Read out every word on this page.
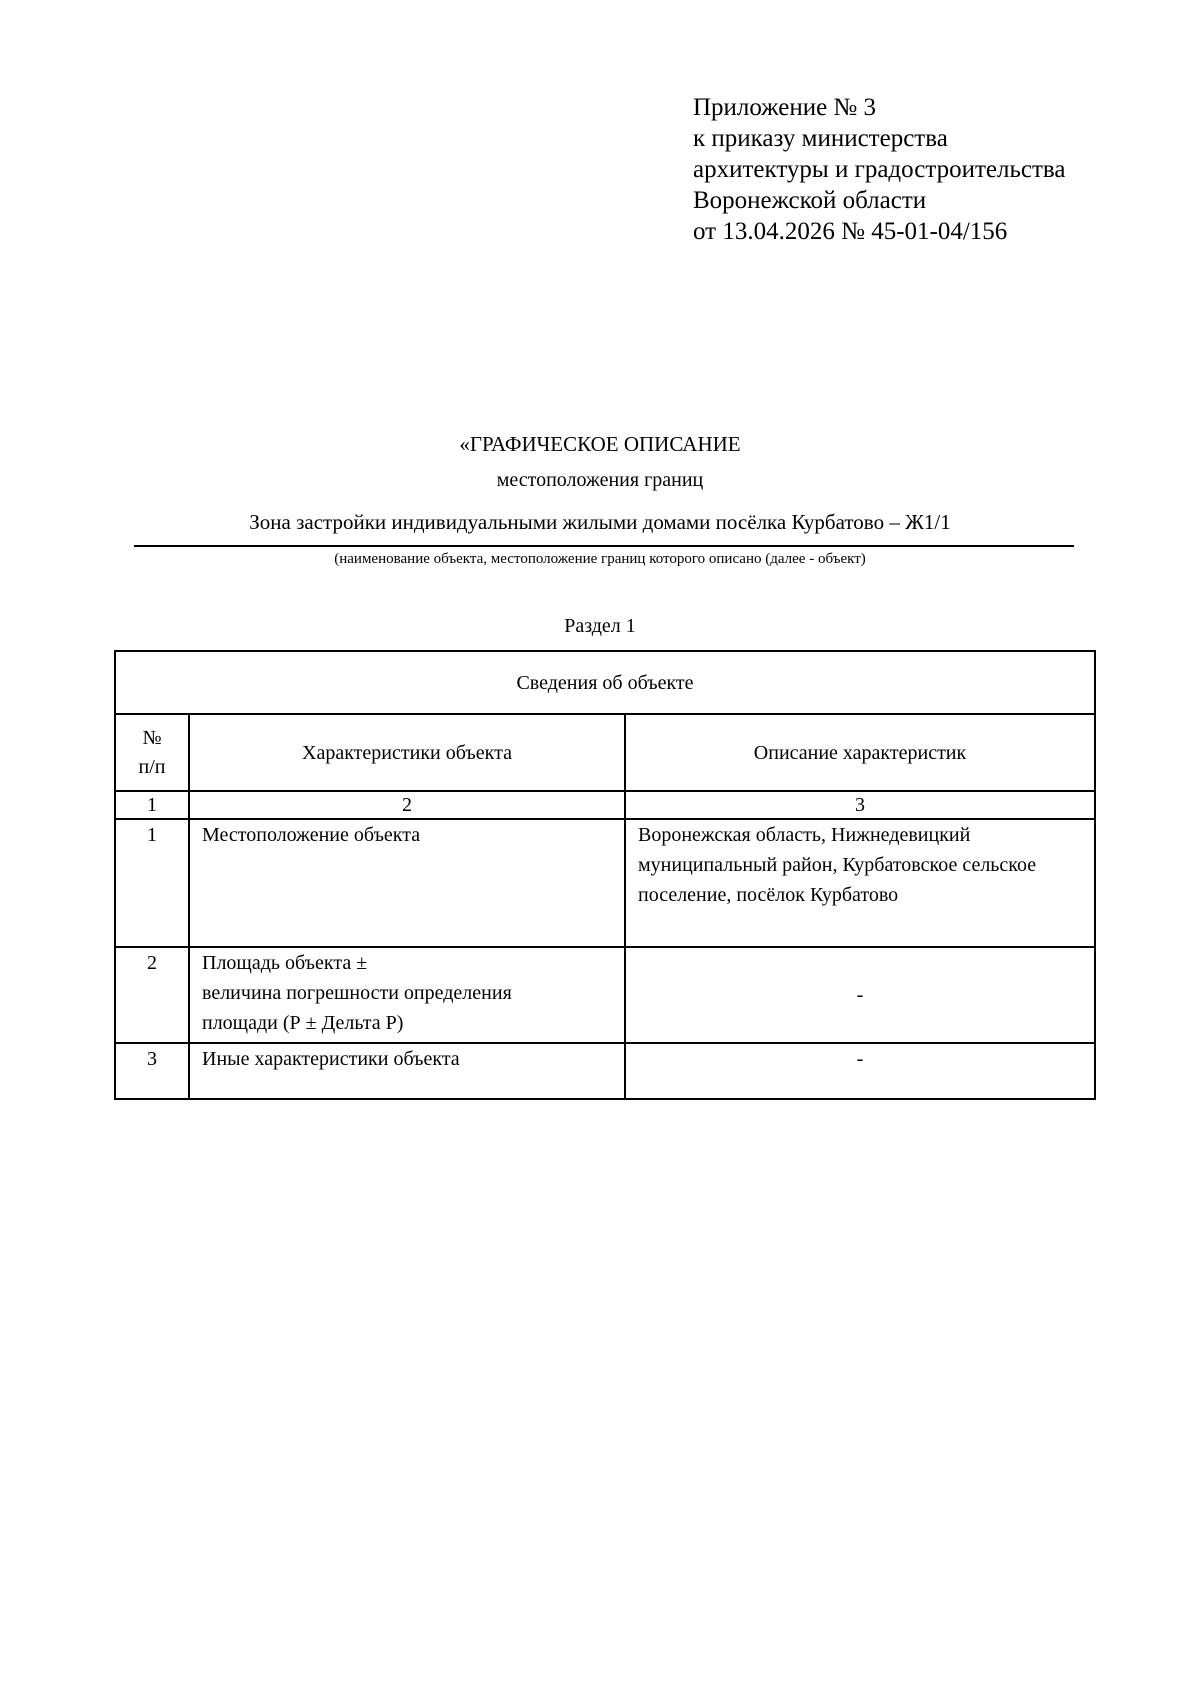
Приложение № 3
к приказу министерства
архитектуры и градостроительства
Воронежской области
от 13.04.2026 № 45-01-04/156
«ГРАФИЧЕСКОЕ ОПИСАНИЕ
местоположения границ
Зона застройки индивидуальными жилыми домами посёлка Курбатово – Ж1/1
(наименование объекта, местоположение границ которого описано (далее - объект)
Раздел 1
Сведения об объекте		

№
п/п	Характеристики объекта	Описание характеристик
1	2	3
1	Местоположение объекта	Воронежская область, Нижнедевицкий муниципальный район, Курбатовское сельское поселение, посёлок Курбатово
2	Площадь объекта ±
величина погрешности определения
площади (Р ± Дельта Р)	-
3	Иные характеристики объекта	-
